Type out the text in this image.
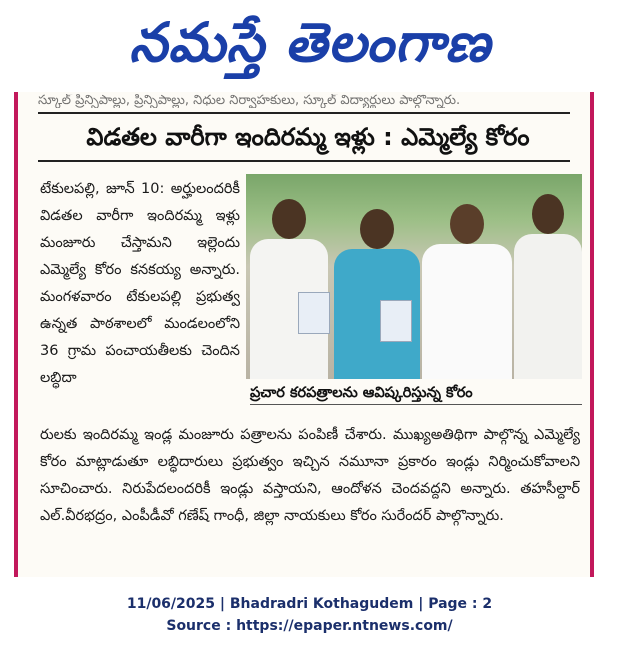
నమస్తే తెలంగాణ
స్కూల్ ప్రిన్సిపాల్లు, ప్రిన్సిపాల్లు, నిధుల నిర్వాహకులు, స్కూల్ విద్యార్థులు పాల్గొన్నారు.
విడతల వారీగా ఇందిరమ్మ ఇళ్లు : ఎమ్మెల్యే కోరం
టేకులపల్లి, జూన్ 10: అర్హులందరికీ విడతల వారీగా ఇందిరమ్మ ఇళ్లు మంజూరు చేస్తామని ఇల్లెందు ఎమ్మెల్యే కోరం కనకయ్య అన్నారు. మంగళవారం టేకులపల్లి ప్రభుత్వ ఉన్నత పాఠశాలలో మండలంలోని 36 గ్రామ పంచాయతీలకు చెందిన లబ్ధిదా
ప్రచార కరపత్రాలను ఆవిష్కరిస్తున్న కోరం
రులకు ఇందిరమ్మ ఇండ్ల మంజూరు పత్రాలను పంపిణీ చేశారు. ముఖ్యఅతిథిగా పాల్గొన్న ఎమ్మెల్యే కోరం మాట్లాడుతూ లబ్ధిదారులు ప్రభుత్వం ఇచ్చిన నమూనా ప్రకారం ఇండ్లు నిర్మించుకోవాలని సూచించారు. నిరుపేదలందరికీ ఇండ్లు వస్తాయని, ఆందోళన చెందవద్దని అన్నారు. తహసీల్దార్ ఎల్.వీరభద్రం, ఎంపీడీవో గణేష్ గాంధీ, జిల్లా నాయకులు కోరం సురేందర్ పాల్గొన్నారు.
11/06/2025 | Bhadradri Kothagudem | Page : 2
Source : https://epaper.ntnews.com/
